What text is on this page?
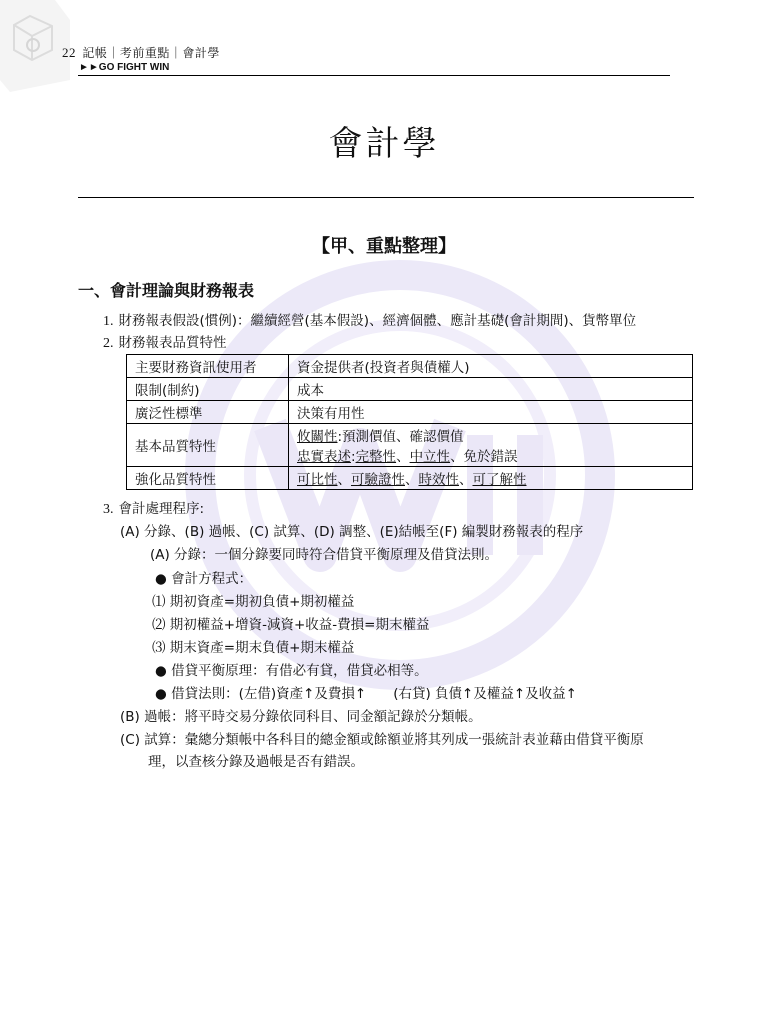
22 記帳｜考前重點｜會計學
►►GO FIGHT WIN
會計學
【甲、重點整理】
一、會計理論與財務報表
1. 財務報表假設(慣例)：繼續經營(基本假設)、經濟個體、應計基礎(會計期間)、貨幣單位
2. 財務報表品質特性
主要財務資訊使用者	資金提供者(投資者與債權人)
限制(制約)	成本
廣泛性標準	決策有用性
基本品質特性	攸關性:預測價值、確認價值
忠實表述:完整性、中立性、免於錯誤

強化品質特性	可比性、可驗證性、時效性、可了解性
3. 會計處理程序:
(A) 分錄、(B) 過帳、(C) 試算、(D) 調整、(E)結帳至(F) 編製財務報表的程序
(A) 分錄：一個分錄要同時符合借貸平衡原理及借貸法則。
● 會計方程式：
⑴ 期初資產=期初負債+期初權益
⑵ 期初權益+增資-減資+收益-費損=期末權益
⑶ 期末資產=期末負債+期末權益
● 借貸平衡原理：有借必有貸，借貸必相等。
● 借貸法則：(左借)資產↑及費損↑　　(右貸) 負債↑及權益↑及收益↑
(B) 過帳：將平時交易分錄依同科目、同金額記錄於分類帳。
(C) 試算：彙總分類帳中各科目的總金額或餘額並將其列成一張統計表並藉由借貸平衡原
理，以查核分錄及過帳是否有錯誤。
